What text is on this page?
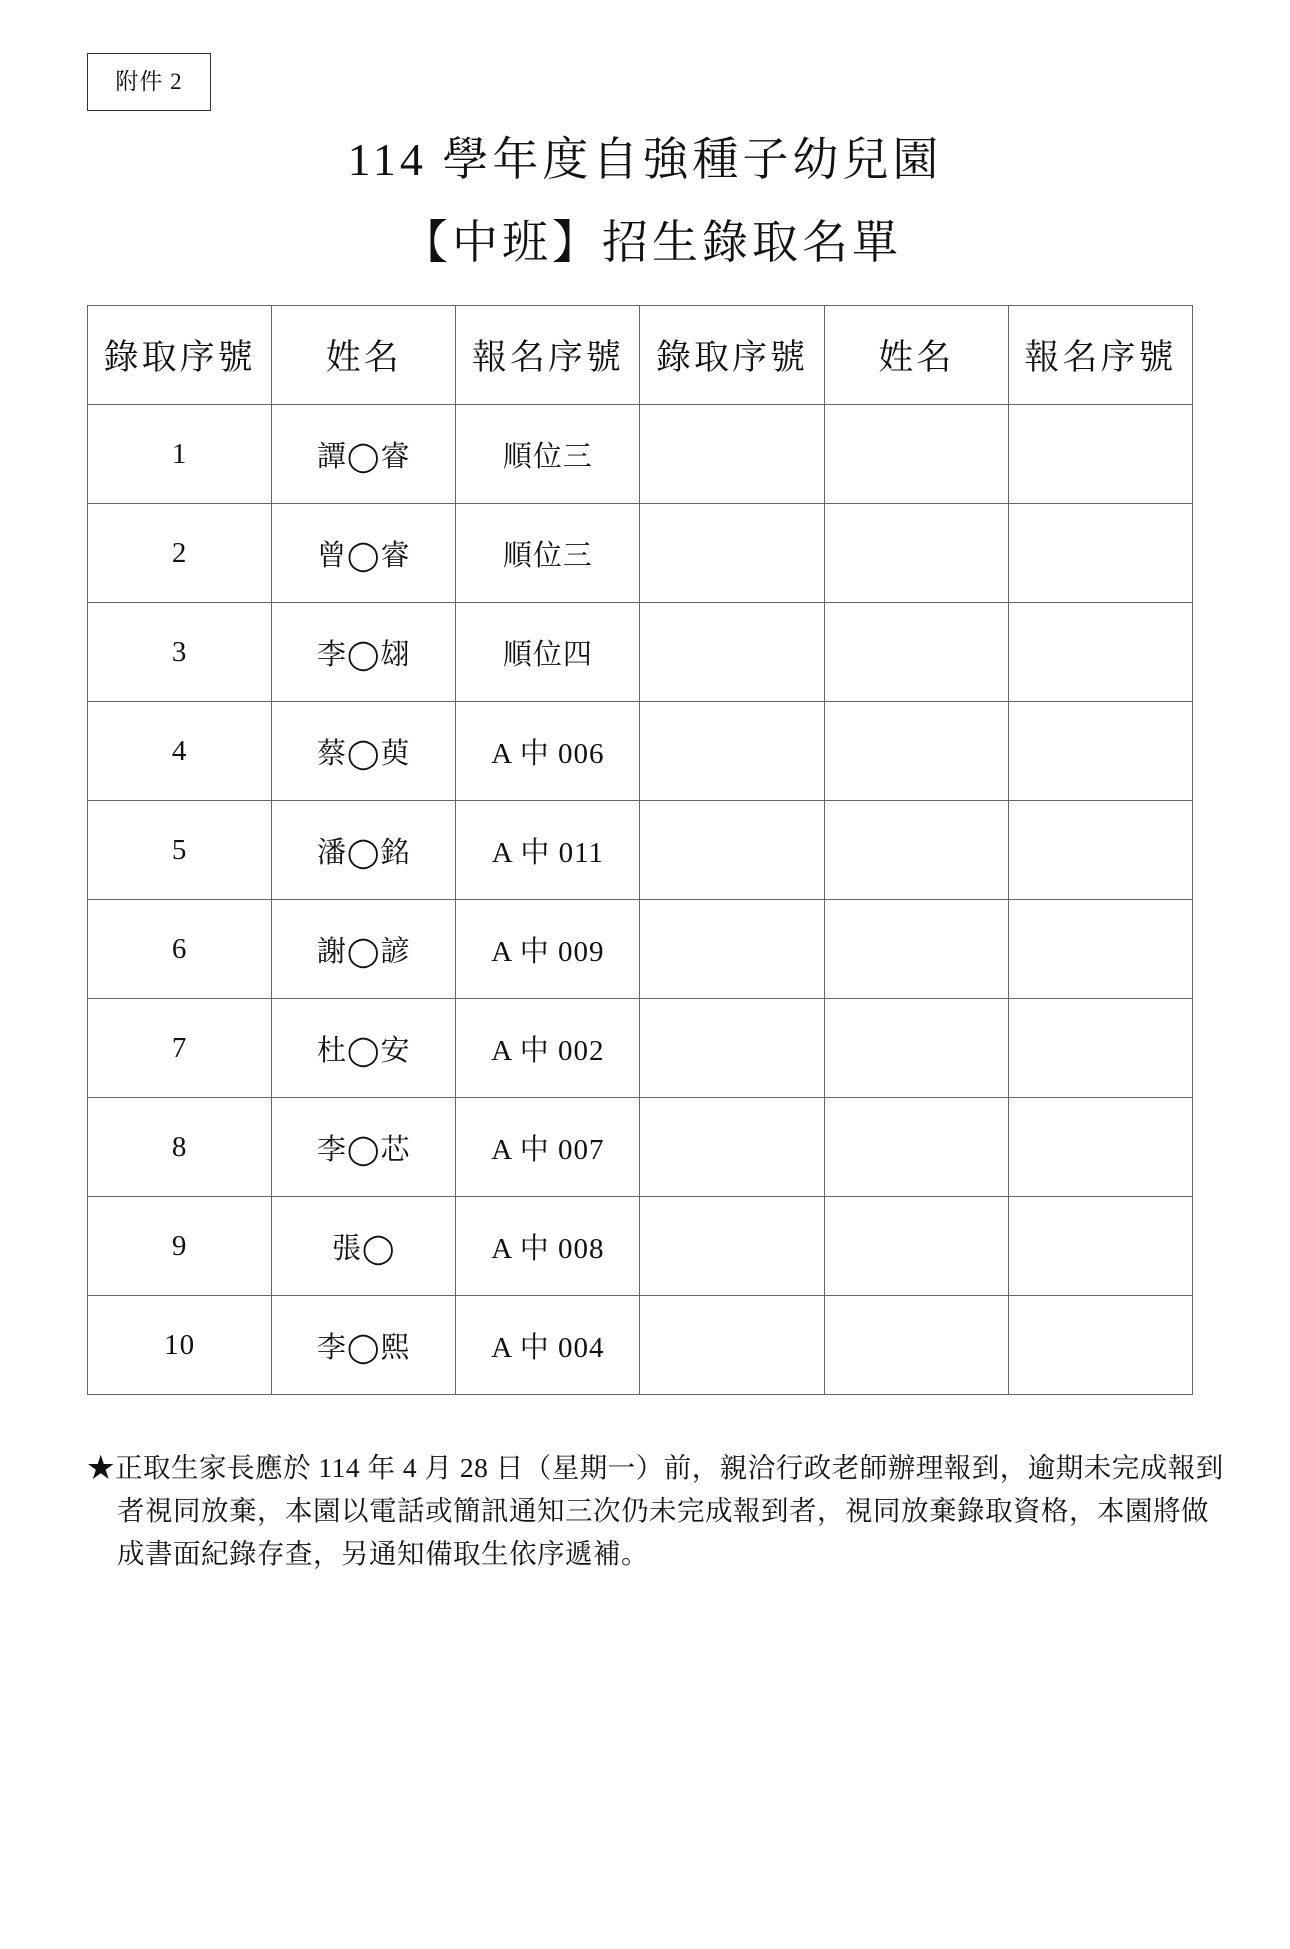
附件 2
114 學年度自強種子幼兒園
【中班】招生錄取名單
錄取序號	姓名	報名序號	錄取序號	姓名	報名序號
1	譚◯睿	順位三			
2	曾◯睿	順位三			
3	李◯翃	順位四			
4	蔡◯萸	A 中 006			
5	潘◯銘	A 中 011			
6	謝◯諺	A 中 009			
7	杜◯安	A 中 002			
8	李◯芯	A 中 007			
9	張◯	A 中 008			
10	李◯熙	A 中 004			
★正取生家長應於 114 年 4 月 28 日（星期一）前，親洽行政老師辦理報到，逾期未完成報到
者視同放棄，本園以電話或簡訊通知三次仍未完成報到者，視同放棄錄取資格，本園將做
成書面紀錄存查，另通知備取生依序遞補。
